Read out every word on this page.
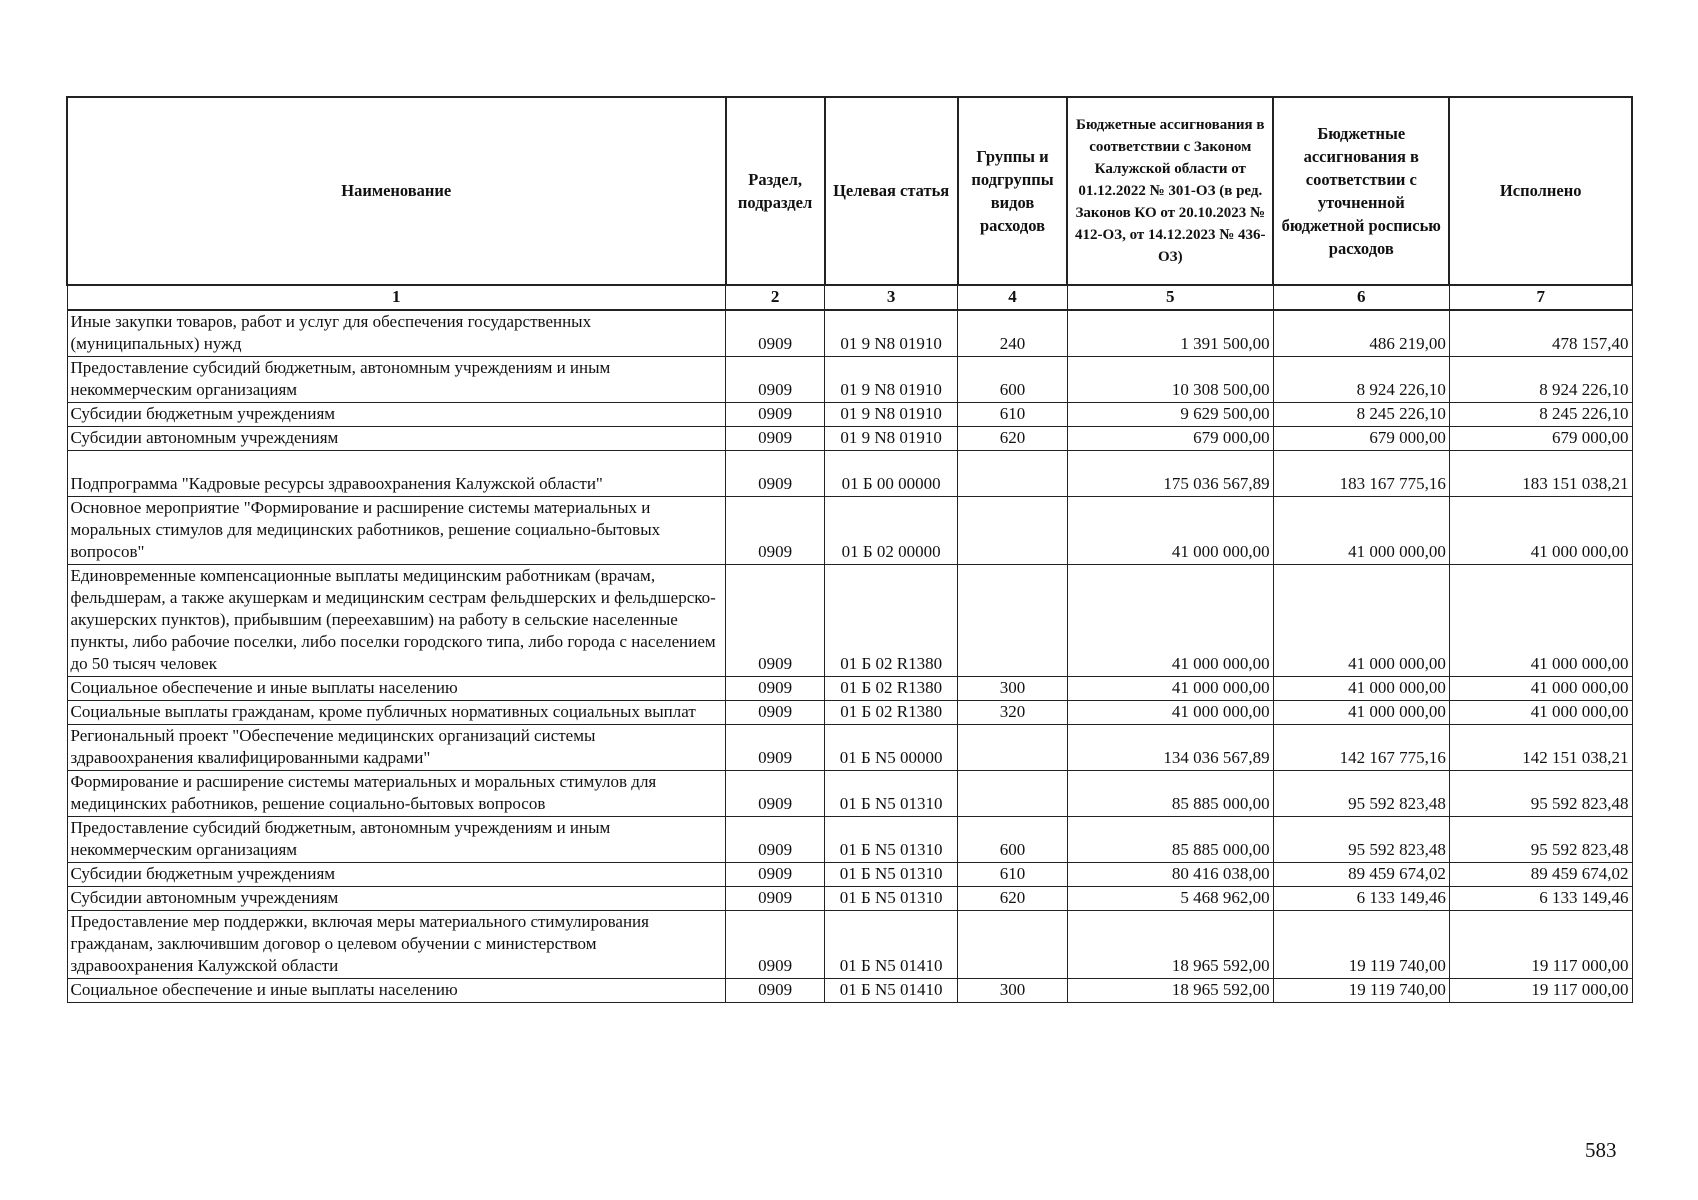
Наименование	Раздел, подраздел	Целевая статья	Группы и подгруппы видов расходов	Бюджетные ассигнования в соответствии с Законом Калужской области от 01.12.2022 № 301-ОЗ (в ред. Законов КО от 20.10.2023 № 412-ОЗ, от 14.12.2023 № 436-ОЗ)	Бюджетные ассигнования в соответствии с уточненной бюджетной росписью расходов	Исполнено
1	2	3	4	5	6	7
Иные закупки товаров, работ и услуг для обеспечения государственных (муниципальных) нужд	0909	01 9 N8 01910	240	1 391 500,00	486 219,00	478 157,40
Предоставление субсидий бюджетным, автономным учреждениям и иным некоммерческим организациям	0909	01 9 N8 01910	600	10 308 500,00	8 924 226,10	8 924 226,10
Субсидии бюджетным учреждениям	0909	01 9 N8 01910	610	9 629 500,00	8 245 226,10	8 245 226,10
Субсидии автономным учреждениям	0909	01 9 N8 01910	620	679 000,00	679 000,00	679 000,00
Подпрограмма "Кадровые ресурсы здравоохранения Калужской области"	0909	01 Б 00 00000		175 036 567,89	183 167 775,16	183 151 038,21
Основное мероприятие "Формирование и расширение системы материальных и моральных стимулов для медицинских работников, решение социально-бытовых вопросов"	0909	01 Б 02 00000		41 000 000,00	41 000 000,00	41 000 000,00
Единовременные компенсационные выплаты медицинским работникам (врачам, фельдшерам, а также акушеркам и медицинским сестрам фельдшерских и фельдшерско-акушерских пунктов), прибывшим (переехавшим) на работу в сельские населенные пункты, либо рабочие поселки, либо поселки городского типа, либо города с населением до 50 тысяч человек	0909	01 Б 02 R1380		41 000 000,00	41 000 000,00	41 000 000,00
Социальное обеспечение и иные выплаты населению	0909	01 Б 02 R1380	300	41 000 000,00	41 000 000,00	41 000 000,00
Социальные выплаты гражданам, кроме публичных нормативных социальных выплат	0909	01 Б 02 R1380	320	41 000 000,00	41 000 000,00	41 000 000,00
Региональный проект "Обеспечение медицинских организаций системы здравоохранения квалифицированными кадрами"	0909	01 Б N5 00000		134 036 567,89	142 167 775,16	142 151 038,21
Формирование и расширение системы материальных и моральных стимулов для медицинских работников, решение социально-бытовых вопросов	0909	01 Б N5 01310		85 885 000,00	95 592 823,48	95 592 823,48
Предоставление субсидий бюджетным, автономным учреждениям и иным некоммерческим организациям	0909	01 Б N5 01310	600	85 885 000,00	95 592 823,48	95 592 823,48
Субсидии бюджетным учреждениям	0909	01 Б N5 01310	610	80 416 038,00	89 459 674,02	89 459 674,02
Субсидии автономным учреждениям	0909	01 Б N5 01310	620	5 468 962,00	6 133 149,46	6 133 149,46
Предоставление мер поддержки, включая меры материального стимулирования гражданам, заключившим договор о целевом обучении с министерством здравоохранения Калужской области	0909	01 Б N5 01410		18 965 592,00	19 119 740,00	19 117 000,00
Социальное обеспечение и иные выплаты населению	0909	01 Б N5 01410	300	18 965 592,00	19 119 740,00	19 117 000,00
583
